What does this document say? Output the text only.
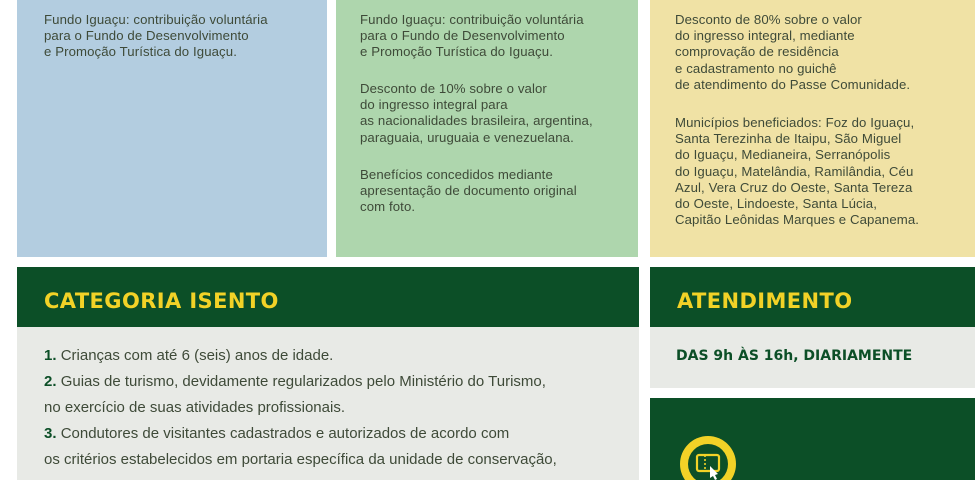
Fundo Iguaçu: contribuição voluntária
para o Fundo de Desenvolvimento
e Promoção Turística do Iguaçu.
Fundo Iguaçu: contribuição voluntária
para o Fundo de Desenvolvimento
e Promoção Turística do Iguaçu.
Desconto de 10% sobre o valor
do ingresso integral para
as nacionalidades brasileira, argentina,
paraguaia, uruguaia e venezuelana.
Benefícios concedidos mediante
apresentação de documento original
com foto.
Desconto de 80% sobre o valor
do ingresso integral, mediante
comprovação de residência
e cadastramento no guichê
de atendimento do Passe Comunidade.
Municípios beneficiados: Foz do Iguaçu,
Santa Terezinha de Itaipu, São Miguel
do Iguaçu, Medianeira, Serranópolis
do Iguaçu, Matelândia, Ramilândia, Céu
Azul, Vera Cruz do Oeste, Santa Tereza
do Oeste, Lindoeste, Santa Lúcia,
Capitão Leônidas Marques e Capanema.
CATEGORIA ISENTO	ATENDIMENTO
1. Crianças com até 6 (seis) anos de idade.
2. Guias de turismo, devidamente regularizados pelo Ministério do Turismo,
no exercício de suas atividades profissionais.
3. Condutores de visitantes cadastrados e autorizados de acordo com
os critérios estabelecidos em portaria específica da unidade de conservação,
DAS 9h ÀS 16h, DIARIAMENTE
